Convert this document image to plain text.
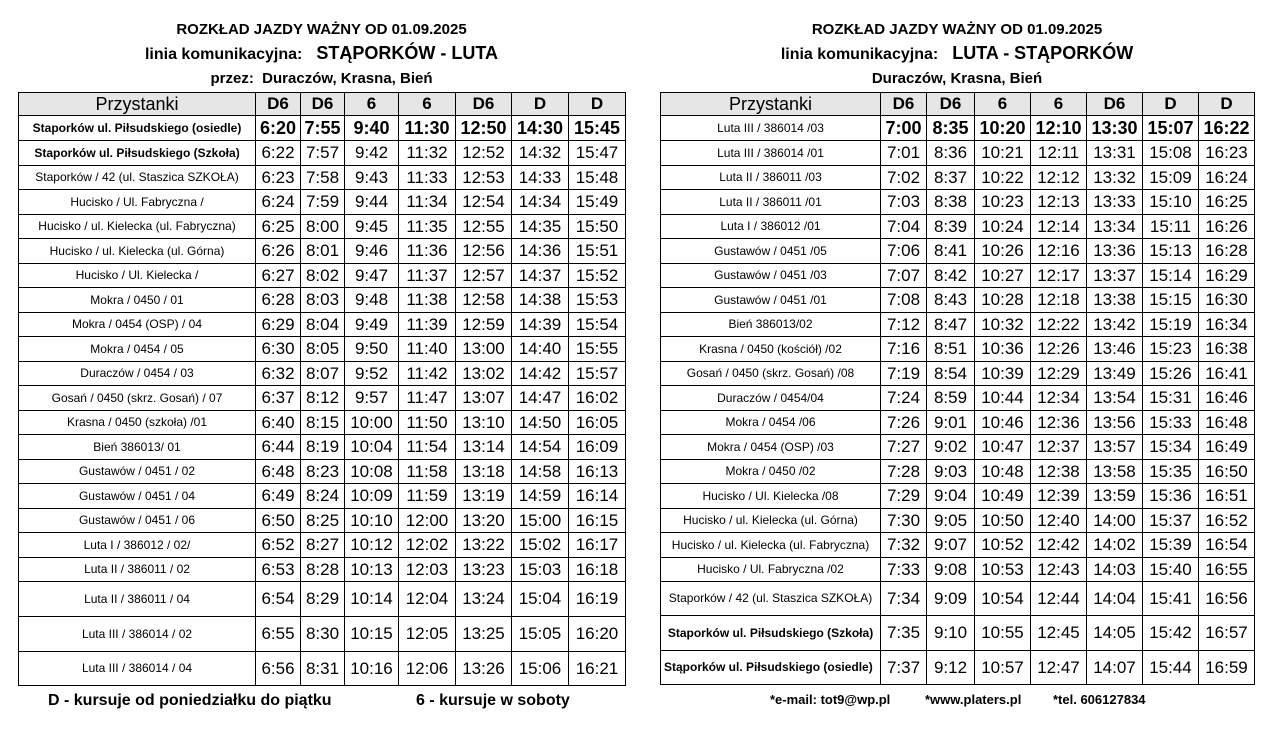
ROZKŁAD JAZDY WAŻNY OD 01.09.2025
linia komunikacyjna: STĄPORKÓW - LUTA
przez: Duraczów, Krasna, Bień
Przystanki	D6	D6	6	6	D6	D	D
Staporków ul. Piłsudskiego (osiedle)	6:20	7:55	9:40	11:30	12:50	14:30	15:45
Staporków ul. Piłsudskiego (Szkoła)	6:22	7:57	9:42	11:32	12:52	14:32	15:47
Staporków / 42 (ul. Staszica SZKOŁA)	6:23	7:58	9:43	11:33	12:53	14:33	15:48
Hucisko / Ul. Fabryczna /	6:24	7:59	9:44	11:34	12:54	14:34	15:49
Hucisko / ul. Kielecka (ul. Fabryczna)	6:25	8:00	9:45	11:35	12:55	14:35	15:50
Hucisko / ul. Kielecka (ul. Górna)	6:26	8:01	9:46	11:36	12:56	14:36	15:51
Hucisko / Ul. Kielecka /	6:27	8:02	9:47	11:37	12:57	14:37	15:52
Mokra / 0450 / 01	6:28	8:03	9:48	11:38	12:58	14:38	15:53
Mokra / 0454 (OSP) / 04	6:29	8:04	9:49	11:39	12:59	14:39	15:54
Mokra / 0454 / 05	6:30	8:05	9:50	11:40	13:00	14:40	15:55
Duraczów / 0454 / 03	6:32	8:07	9:52	11:42	13:02	14:42	15:57
Gosań / 0450 (skrz. Gosań) / 07	6:37	8:12	9:57	11:47	13:07	14:47	16:02
Krasna / 0450 (szkoła) /01	6:40	8:15	10:00	11:50	13:10	14:50	16:05
Bień 386013/ 01	6:44	8:19	10:04	11:54	13:14	14:54	16:09
Gustawów / 0451 / 02	6:48	8:23	10:08	11:58	13:18	14:58	16:13
Gustawów / 0451 / 04	6:49	8:24	10:09	11:59	13:19	14:59	16:14
Gustawów / 0451 / 06	6:50	8:25	10:10	12:00	13:20	15:00	16:15
Luta I / 386012 / 02/	6:52	8:27	10:12	12:02	13:22	15:02	16:17
Luta II / 386011 / 02	6:53	8:28	10:13	12:03	13:23	15:03	16:18
Luta II / 386011 / 04	6:54	8:29	10:14	12:04	13:24	15:04	16:19
Luta III / 386014 / 02	6:55	8:30	10:15	12:05	13:25	15:05	16:20
Luta III / 386014 / 04	6:56	8:31	10:16	12:06	13:26	15:06	16:21
D - kursuje od poniedziałku do piątku	6 - kursuje w soboty
ROZKŁAD JAZDY WAŻNY OD 01.09.2025
linia komunikacyjna: LUTA - STĄPORKÓW
Duraczów, Krasna, Bień
Przystanki	D6	D6	6	6	D6	D	D
Luta III / 386014 /03	7:00	8:35	10:20	12:10	13:30	15:07	16:22
Luta III / 386014 /01	7:01	8:36	10:21	12:11	13:31	15:08	16:23
Luta II / 386011 /03	7:02	8:37	10:22	12:12	13:32	15:09	16:24
Luta II / 386011 /01	7:03	8:38	10:23	12:13	13:33	15:10	16:25
Luta I / 386012 /01	7:04	8:39	10:24	12:14	13:34	15:11	16:26
Gustawów / 0451 /05	7:06	8:41	10:26	12:16	13:36	15:13	16:28
Gustawów / 0451 /03	7:07	8:42	10:27	12:17	13:37	15:14	16:29
Gustawów / 0451 /01	7:08	8:43	10:28	12:18	13:38	15:15	16:30
Bień 386013/02	7:12	8:47	10:32	12:22	13:42	15:19	16:34
Krasna / 0450 (kościół) /02	7:16	8:51	10:36	12:26	13:46	15:23	16:38
Gosań / 0450 (skrz. Gosań) /08	7:19	8:54	10:39	12:29	13:49	15:26	16:41
Duraczów / 0454/04	7:24	8:59	10:44	12:34	13:54	15:31	16:46
Mokra / 0454 /06	7:26	9:01	10:46	12:36	13:56	15:33	16:48
Mokra / 0454 (OSP) /03	7:27	9:02	10:47	12:37	13:57	15:34	16:49
Mokra / 0450 /02	7:28	9:03	10:48	12:38	13:58	15:35	16:50
Hucisko / Ul. Kielecka /08	7:29	9:04	10:49	12:39	13:59	15:36	16:51
Hucisko / ul. Kielecka (ul. Górna)	7:30	9:05	10:50	12:40	14:00	15:37	16:52
Hucisko / ul. Kielecka (ul. Fabryczna)	7:32	9:07	10:52	12:42	14:02	15:39	16:54
Hucisko / Ul. Fabryczna /02	7:33	9:08	10:53	12:43	14:03	15:40	16:55
Staporków / 42 (ul. Staszica SZKOŁA)	7:34	9:09	10:54	12:44	14:04	15:41	16:56
Staporków ul. Piłsudskiego (Szkoła)	7:35	9:10	10:55	12:45	14:05	15:42	16:57
Stąporków ul. Piłsudskiego (osiedle)	7:37	9:12	10:57	12:47	14:07	15:44	16:59
*e-mail: tot9@wp.pl	*www.platers.pl *tel. 606127834
